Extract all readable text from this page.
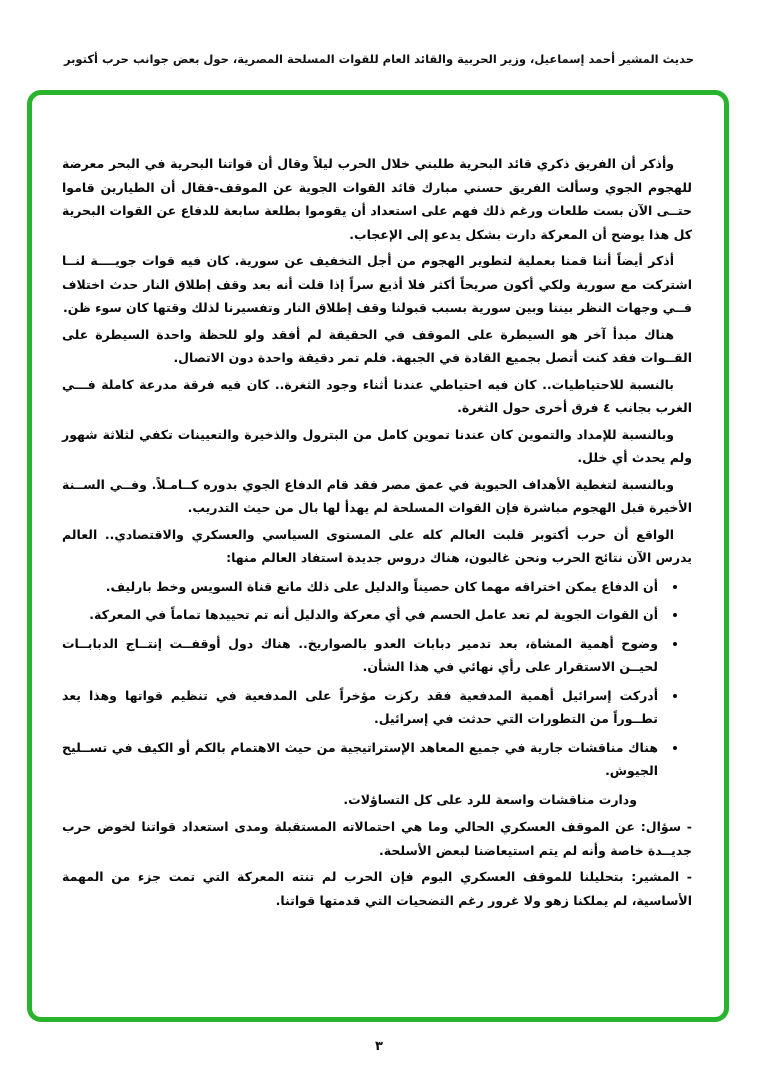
حديث المشير أحمد إسماعيل، وزير الحربية والقائد العام للقوات المسلحة المصرية، حول بعض جوانب حرب أكتوبر

وأذكر أن الفريق ذكري قائد البحرية طلبني خلال الحرب ليلاً وقال أن قواتنا البحرية في البحر معرضة للهجوم الجوي وسألت الفريق حسني مبارك قائد القوات الجوية عن الموقف-فقال أن الطيارين قاموا حتــى الآن بست طلعات ورغم ذلك فهم على استعداد أن يقوموا بطلعة سابعة للدفاع عن القوات البحرية كل هذا يوضح أن المعركة دارت بشكل يدعو إلى الإعجاب.

أذكر أيضاً أننا قمنا بعملية لتطوير الهجوم من أجل التخفيف عن سورية. كان فيه قوات جويــــة لنــا اشتركت مع سورية ولكي أكون صريحاً أكثر فلا أذيع سراً إذا قلت أنه بعد وقف إطلاق النار حدث اختلاف فــي وجهات النظر بيننا وبين سورية بسبب قبولنا وقف إطلاق النار وتفسيرنا لذلك وقتها كان سوء ظن.

هناك مبدأ آخر هو السيطرة على الموقف في الحقيقة لم أفقد ولو للحظة واحدة السيطرة على القــوات فقد كنت أتصل بجميع القادة في الجبهة. فلم تمر دقيقة واحدة دون الاتصال.

بالنسبة للاحتياطيات.. كان فيه احتياطي عندنا أثناء وجود الثغرة.. كان فيه فرقة مدرعة كاملة فـــي الغرب بجانب ٤ فرق أخرى حول الثغرة.

وبالنسبة للإمداد والتموين كان عندنا تموين كامل من البترول والذخيرة والتعيينات تكفي لثلاثة شهور ولم يحدث أي خلل.

وبالنسبة لتغطية الأهداف الحيوية في عمق مصر فقد قام الدفاع الجوي بدوره كــامـلاً. وفــي الســنة الأخيرة قبل الهجوم مباشرة فإن القوات المسلحة لم يهدأ لها بال من حيث التدريب.

الواقع أن حرب أكتوبر قلبت العالم كله على المستوى السياسي والعسكري والاقتصادي.. العالم يدرس الآن نتائج الحرب ونحن غالبون، هناك دروس جديدة استفاد العالم منها:

• أن الدفاع يمكن اختراقه مهما كان حصيناً والدليل على ذلك مانع قناة السويس وخط بارليف.
• أن القوات الجوية لم تعد عامل الحسم في أي معركة والدليل أنه تم تحييدها تماماً في المعركة.
• وضوح أهمية المشاة، بعد تدمير دبابات العدو بالصواريخ.. هناك دول أوقفــت إنتــاج الدبابــات لحيــن الاستقرار على رأي نهائي في هذا الشأن.
• أدركت إسرائيل أهمية المدفعية فقد ركزت مؤخراً على المدفعية في تنظيم قواتها وهذا يعد تطــوراً من التطورات التي حدثت في إسرائيل.
• هناك مناقشات جارية في جميع المعاهد الإستراتيجية من حيث الاهتمام بالكم أو الكيف في تســليح الجيوش.

ودارت مناقشات واسعة للرد على كل التساؤلات.

- سؤال: عن الموقف العسكري الحالي وما هي احتمالاته المستقبلة ومدى استعداد قواتنا لخوض حرب جديــدة خاصة وأنه لم يتم استيعاضنا لبعض الأسلحة.

- المشير: بتحليلنا للموقف العسكري اليوم فإن الحرب لم تنته المعركة التي تمت جزء من المهمة الأساسية، لم يملكنا زهو ولا غرور رغم التضحيات التي قدمتها قواتنا.

٣
